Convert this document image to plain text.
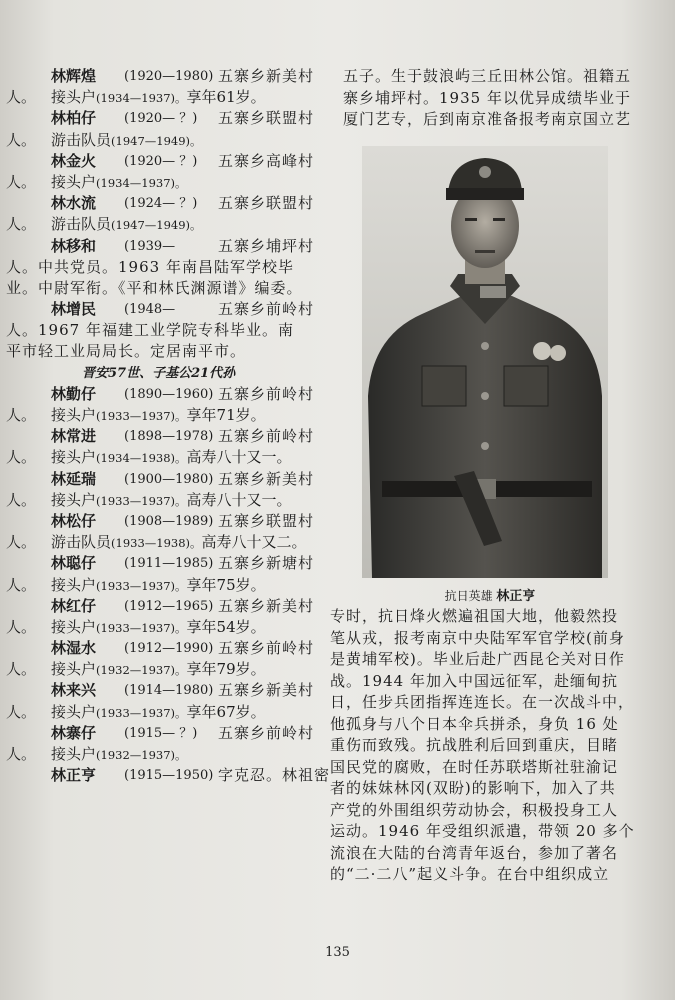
林辉煌 (1920—1980) 五寨乡新美村
人。 接头户(1934—1937)。享年61岁。
林柏仔 (1920— ？) 五寨乡联盟村
人。 游击队员(1947—1949)。
林金火 (1920— ？) 五寨乡高峰村
人。 接头户(1934—1937)。
林水流 (1924— ？) 五寨乡联盟村
人。 游击队员(1947—1949)。
林移和 (1939—	五寨乡埔坪村
人。中共党员。1963 年南昌陆军学校毕
业。中尉军衔。《平和林氏渊源谱》编委。
林增民 (1948—	五寨乡前岭村
人。1967 年福建工业学院专科毕业。南
平市轻工业局局长。定居南平市。
晋安57世、子基公21代孙
林勤仔 (1890—1960) 五寨乡前岭村
人。 接头户(1933—1937)。享年71岁。
林常进 (1898—1978) 五寨乡前岭村
人。 接头户(1934—1938)。高寿八十又一。
林延瑞 (1900—1980) 五寨乡新美村
人。 接头户(1933—1937)。高寿八十又一。
林松仔 (1908—1989) 五寨乡联盟村
人。 游击队员(1933—1938)。高寿八十又二。
林聪仔 (1911—1985) 五寨乡新塘村
人。 接头户(1933—1937)。享年75岁。
林红仔 (1912—1965) 五寨乡新美村
人。 接头户(1933—1937)。享年54岁。
林湿水 (1912—1990) 五寨乡前岭村
人。 接头户(1932—1937)。享年79岁。
林来兴 (1914—1980) 五寨乡新美村
人。 接头户(1933—1937)。享年67岁。
林寨仔 (1915— ？) 五寨乡前岭村
人。 接头户(1932—1937)。
林正亨 (1915—1950) 字克忍。林祖密
五子。生于鼓浪屿三丘田林公馆。祖籍五
寨乡埔坪村。1935 年以优异成绩毕业于
厦门艺专，后到南京准备报考南京国立艺
抗日英雄 林正亨
专时，抗日烽火燃遍祖国大地，他毅然投
笔从戎，报考南京中央陆军军官学校(前身
是黄埔军校)。毕业后赴广西昆仑关对日作
战。1944 年加入中国远征军，赴缅甸抗
日，任步兵团指挥连连长。在一次战斗中，
他孤身与八个日本伞兵拼杀，身负 16 处
重伤而致残。抗战胜利后回到重庆，目睹
国民党的腐败，在时任苏联塔斯社驻渝记
者的妹妹林冈(双盼)的影响下，加入了共
产党的外围组织劳动协会，积极投身工人
运动。1946 年受组织派遣，带领 20 多个
流浪在大陆的台湾青年返台，参加了著名
的“二·二八”起义斗争。在台中组织成立
135
